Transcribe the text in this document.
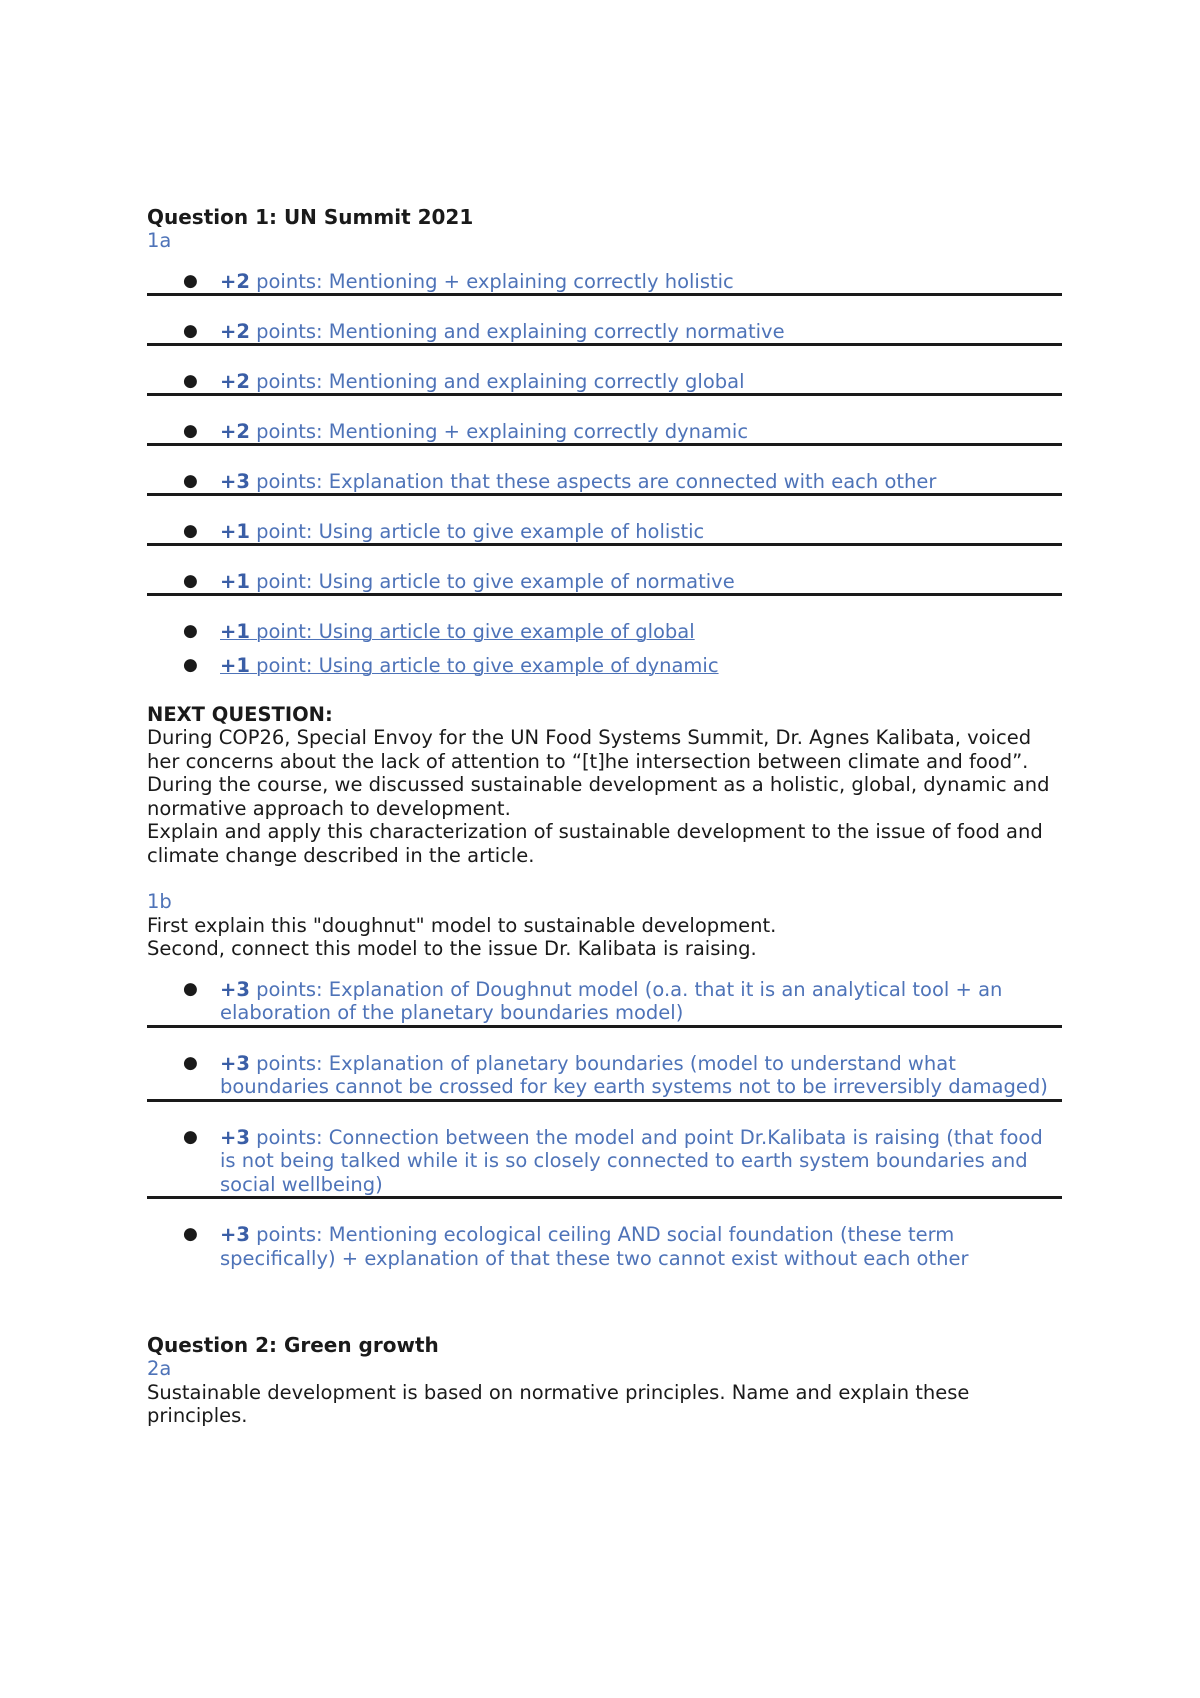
Question 1: UN Summit 2021

1a

● +2 points: Mentioning + explaining correctly holistic
● +2 points: Mentioning and explaining correctly normative
● +2 points: Mentioning and explaining correctly global
● +2 points: Mentioning + explaining correctly dynamic
● +3 points: Explanation that these aspects are connected with each other
● +1 point: Using article to give example of holistic
● +1 point: Using article to give example of normative
● +1 point: Using article to give example of global
● +1 point: Using article to give example of dynamic

NEXT QUESTION:

During COP26, Special Envoy for the UN Food Systems Summit, Dr. Agnes Kalibata, voiced her concerns about the lack of attention to “[t]he intersection between climate and food”.

During the course, we discussed sustainable development as a holistic, global, dynamic and normative approach to development.

Explain and apply this characterization of sustainable development to the issue of food and climate change described in the article.

1b

First explain this "doughnut" model to sustainable development.

Second, connect this model to the issue Dr. Kalibata is raising.

● +3 points: Explanation of Doughnut model (o.a. that it is an analytical tool + an elaboration of the planetary boundaries model)
● +3 points: Explanation of planetary boundaries (model to understand what boundaries cannot be crossed for key earth systems not to be irreversibly damaged)
● +3 points: Connection between the model and point Dr.Kalibata is raising (that food is not being talked while it is so closely connected to earth system boundaries and social wellbeing)
● +3 points: Mentioning ecological ceiling AND social foundation (these term specifically) + explanation of that these two cannot exist without each other

Question 2: Green growth

2a

Sustainable development is based on normative principles. Name and explain these principles.
